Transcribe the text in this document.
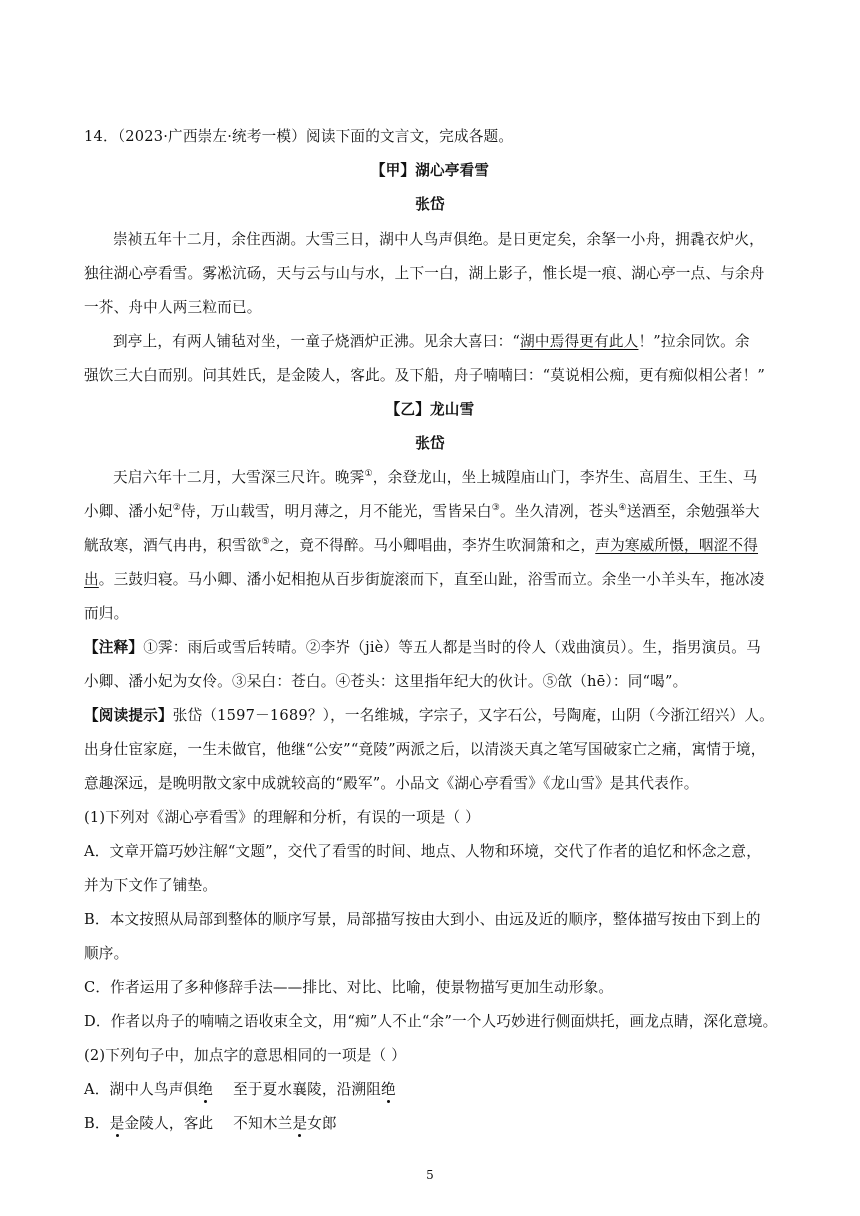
14．（2023·广西崇左·统考一模）阅读下面的文言文，完成各题。
【甲】湖心亭看雪
张岱
崇祯五年十二月，余住西湖。大雪三日，湖中人鸟声俱绝。是日更定矣，余拏一小舟，拥毳衣炉火，
独往湖心亭看雪。雾凇沆砀，天与云与山与水，上下一白，湖上影子，惟长堤一痕、湖心亭一点、与余舟
一芥、舟中人两三粒而已。
到亭上，有两人铺毡对坐，一童子烧酒炉正沸。见余大喜曰：“湖中焉得更有此人！”拉余同饮。余
强饮三大白而别。问其姓氏，是金陵人，客此。及下船，舟子喃喃曰：“莫说相公痴，更有痴似相公者！”
【乙】龙山雪
张岱
天启六年十二月，大雪深三尺许。晚霁①，余登龙山，坐上城隍庙山门，李岕生、高眉生、王生、马
小卿、潘小妃②侍，万山载雪，明月薄之，月不能光，雪皆呆白③。坐久清冽，苍头④送酒至，余勉强举大
觥敌寒，酒气冉冉，积雪欲⑤之，竟不得醉。马小卿唱曲，李岕生吹洞箫和之，声为寒威所慑，咽涩不得
出。三鼓归寝。马小卿、潘小妃相抱从百步街旋滚而下，直至山趾，浴雪而立。余坐一小羊头车，拖冰凌
而归。
【注释】①霁：雨后或雪后转晴。②李岕（jiè）等五人都是当时的伶人（戏曲演员）。生，指男演员。马
小卿、潘小妃为女伶。③呆白：苍白。④苍头：这里指年纪大的伙计。⑤欱（hē）：同“喝”。
【阅读提示】张岱（1597－1689？），一名维城，字宗子，又字石公，号陶庵，山阴（今浙江绍兴）人。
出身仕宦家庭，一生未做官，他继“公安”“竟陵”两派之后，以清淡天真之笔写国破家亡之痛，寓情于境，
意趣深远，是晚明散文家中成就较高的“殿军”。小品文《湖心亭看雪》《龙山雪》是其代表作。
(1)下列对《湖心亭看雪》的理解和分析，有误的一项是（ ）
A．文章开篇巧妙注解“文题”，交代了看雪的时间、地点、人物和环境，交代了作者的追忆和怀念之意，
并为下文作了铺垫。
B．本文按照从局部到整体的顺序写景，局部描写按由大到小、由远及近的顺序，整体描写按由下到上的
顺序。
C．作者运用了多种修辞手法——排比、对比、比喻，使景物描写更加生动形象。
D．作者以舟子的喃喃之语收束全文，用“痴”人不止“余”一个人巧妙进行侧面烘托，画龙点睛，深化意境。
(2)下列句子中，加点字的意思相同的一项是（ ）
A．湖中人鸟声俱绝 至于夏水襄陵，沿溯阻绝
B．是金陵人，客此 不知木兰是女郎
5
